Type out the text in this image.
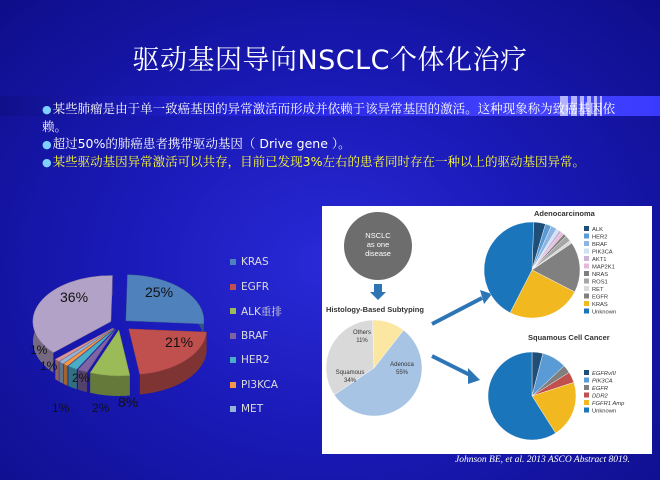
驱动基因导向NSCLC个体化治疗

●某些肺瘤是由于单一致癌基因的异常激活而形成并依赖于该异常基因的激活。这种现象称为致癌基因依赖。

●超过50%的肺癌患者携带驱动基因（ Drive gene ）。

●某些驱动基因异常激活可以共存，目前已发现3%左右的患者同时存在一种以上的驱动基因异常。

25%
21%
8%
2%
2%
1%
1%
1%
36%
KRAS
EGFR
ALK重排
BRAF
HER2
PI3KCA
MET
NSCLC
as one
disease
Histology-Based Subtyping
Adenoca
55%
Squamous
34%
Others
11%
Adenocarcinoma
ALK
HER2
BRAF
PIK3CA
AKT1
MAP2K1
NRAS
ROS1
RET
EGFR
KRAS
Unknown
Squamous Cell Cancer
EGFRvIII
PIK3CA
EGFR
DDR2
FGFR1 Amp
Unknown
Johnson BE, et al. 2013 ASCO Abstract 8019.
